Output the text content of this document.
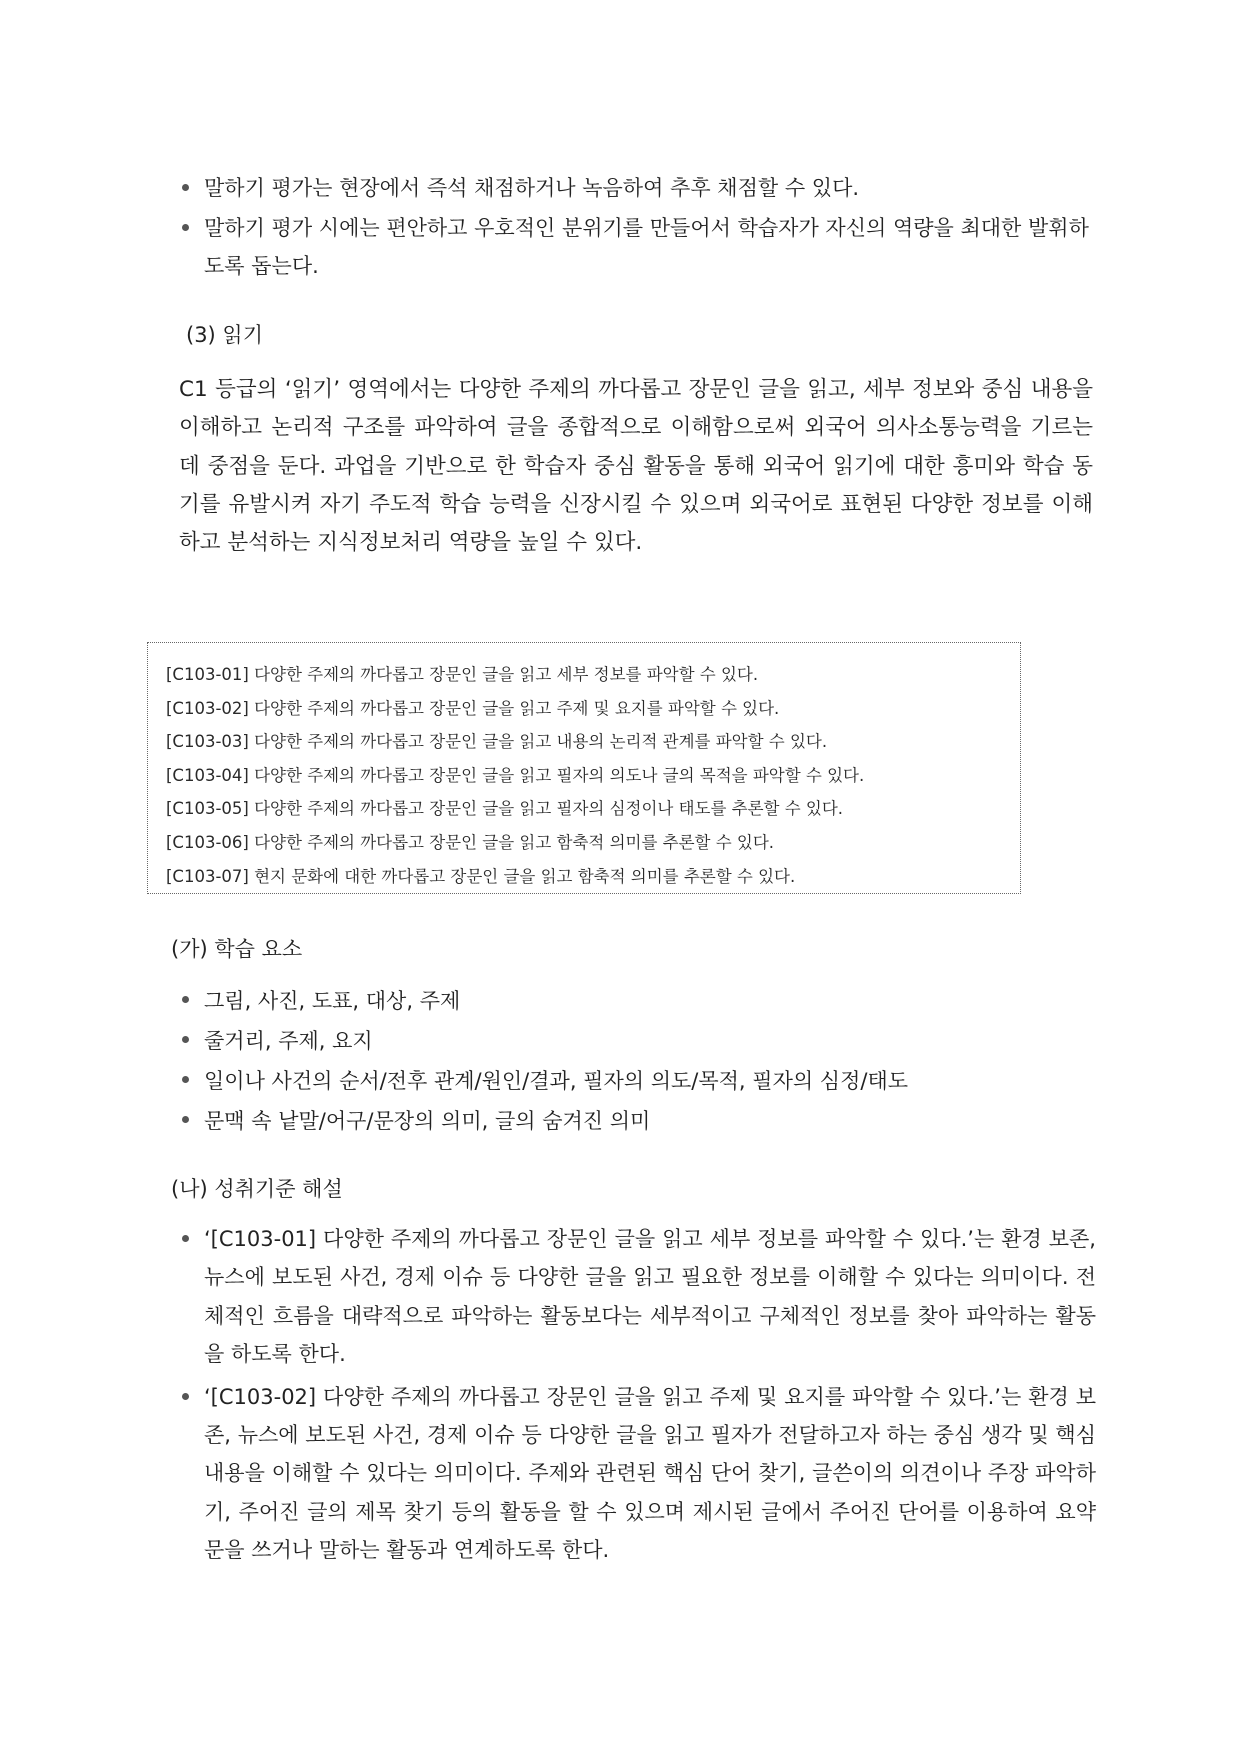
말하기 평가는 현장에서 즉석 채점하거나 녹음하여 추후 채점할 수 있다.
말하기 평가 시에는 편안하고 우호적인 분위기를 만들어서 학습자가 자신의 역량을 최대한 발휘하도록 돕는다.
(3) 읽기

C1 등급의 ‘읽기’ 영역에서는 다양한 주제의 까다롭고 장문인 글을 읽고, 세부 정보와 중심 내용을 이해하고 논리적 구조를 파악하여 글을 종합적으로 이해함으로써 외국어 의사소통능력을 기르는 데 중점을 둔다. 과업을 기반으로 한 학습자 중심 활동을 통해 외국어 읽기에 대한 흥미와 학습 동기를 유발시켜 자기 주도적 학습 능력을 신장시킬 수 있으며 외국어로 표현된 다양한 정보를 이해하고 분석하는 지식정보처리 역량을 높일 수 있다.

[C103-01] 다양한 주제의 까다롭고 장문인 글을 읽고 세부 정보를 파악할 수 있다.
[C103-02] 다양한 주제의 까다롭고 장문인 글을 읽고 주제 및 요지를 파악할 수 있다.
[C103-03] 다양한 주제의 까다롭고 장문인 글을 읽고 내용의 논리적 관계를 파악할 수 있다.
[C103-04] 다양한 주제의 까다롭고 장문인 글을 읽고 필자의 의도나 글의 목적을 파악할 수 있다.
[C103-05] 다양한 주제의 까다롭고 장문인 글을 읽고 필자의 심정이나 태도를 추론할 수 있다.
[C103-06] 다양한 주제의 까다롭고 장문인 글을 읽고 함축적 의미를 추론할 수 있다.
[C103-07] 현지 문화에 대한 까다롭고 장문인 글을 읽고 함축적 의미를 추론할 수 있다.
(가) 학습 요소
그림, 사진, 도표, 대상, 주제
줄거리, 주제, 요지
일이나 사건의 순서/전후 관계/원인/결과, 필자의 의도/목적, 필자의 심정/태도
문맥 속 낱말/어구/문장의 의미, 글의 숨겨진 의미
(나) 성취기준 해설
‘[C103-01] 다양한 주제의 까다롭고 장문인 글을 읽고 세부 정보를 파악할 수 있다.’는 환경 보존, 뉴스에 보도된 사건, 경제 이슈 등 다양한 글을 읽고 필요한 정보를 이해할 수 있다는 의미이다. 전체적인 흐름을 대략적으로 파악하는 활동보다는 세부적이고 구체적인 정보를 찾아 파악하는 활동을 하도록 한다.
‘[C103-02] 다양한 주제의 까다롭고 장문인 글을 읽고 주제 및 요지를 파악할 수 있다.’는 환경 보존, 뉴스에 보도된 사건, 경제 이슈 등 다양한 글을 읽고 필자가 전달하고자 하는 중심 생각 및 핵심 내용을 이해할 수 있다는 의미이다. 주제와 관련된 핵심 단어 찾기, 글쓴이의 의견이나 주장 파악하기, 주어진 글의 제목 찾기 등의 활동을 할 수 있으며 제시된 글에서 주어진 단어를 이용하여 요약문을 쓰거나 말하는 활동과 연계하도록 한다.
